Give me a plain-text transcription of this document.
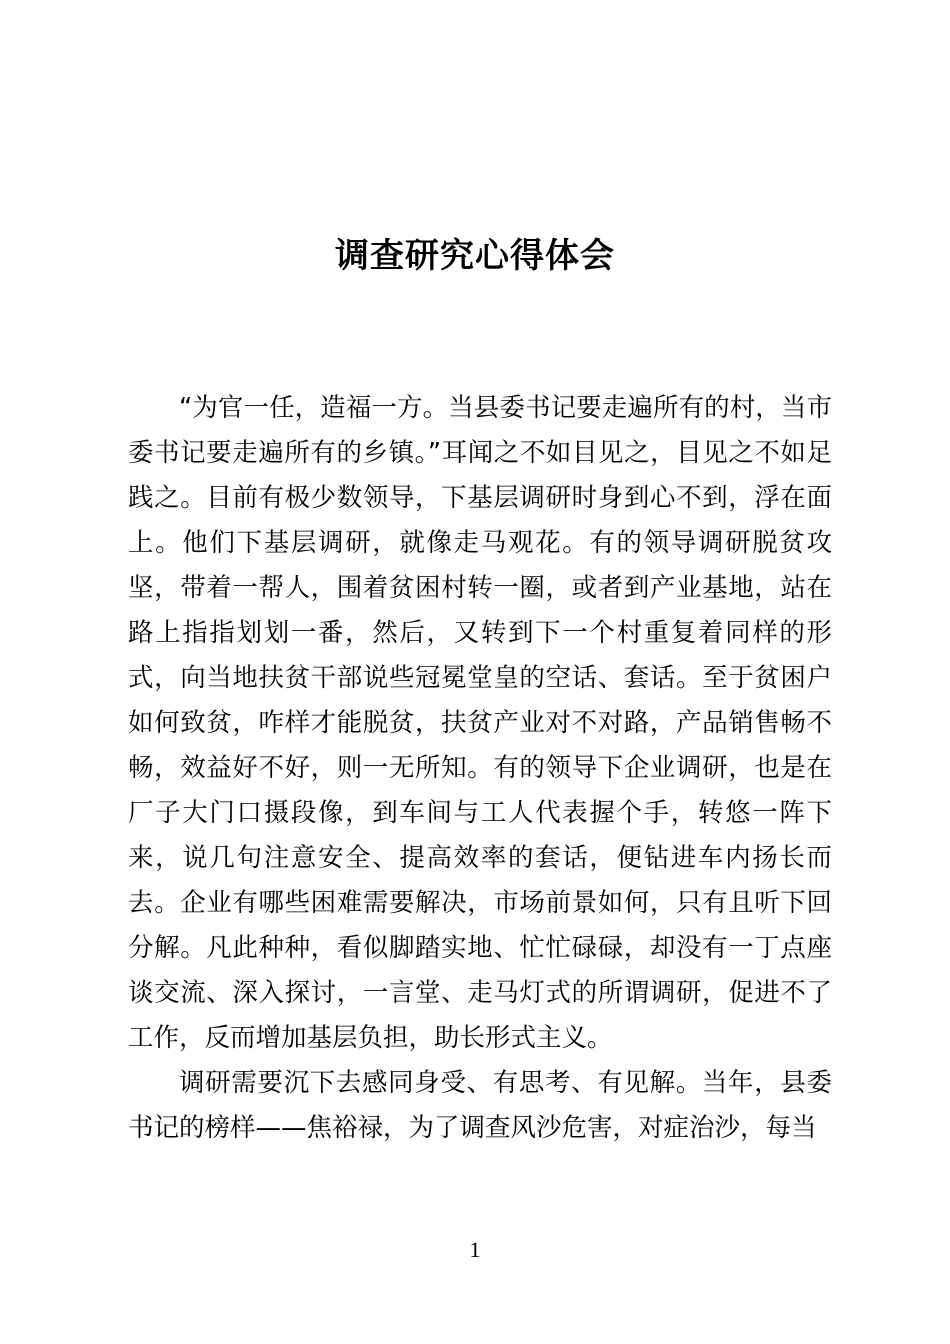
调查研究心得体会

“为官一任，造福一方。当县委书记要走遍所有的村，当市委书记要走遍所有的乡镇。”耳闻之不如目见之，目见之不如足践之。目前有极少数领导，下基层调研时身到心不到，浮在面上。他们下基层调研，就像走马观花。有的领导调研脱贫攻坚，带着一帮人，围着贫困村转一圈，或者到产业基地，站在路上指指划划一番，然后，又转到下一个村重复着同样的形式，向当地扶贫干部说些冠冕堂皇的空话、套话。至于贫困户如何致贫，咋样才能脱贫，扶贫产业对不对路，产品销售畅不畅，效益好不好，则一无所知。有的领导下企业调研，也是在厂子大门口摄段像，到车间与工人代表握个手，转悠一阵下来，说几句注意安全、提高效率的套话，便钻进车内扬长而去。企业有哪些困难需要解决，市场前景如何，只有且听下回分解。凡此种种，看似脚踏实地、忙忙碌碌，却没有一丁点座谈交流、深入探讨，一言堂、走马灯式的所谓调研，促进不了工作，反而增加基层负担，助长形式主义。

调研需要沉下去感同身受、有思考、有见解。当年，县委书记的榜样——焦裕禄，为了调查风沙危害，对症治沙，每当

1
